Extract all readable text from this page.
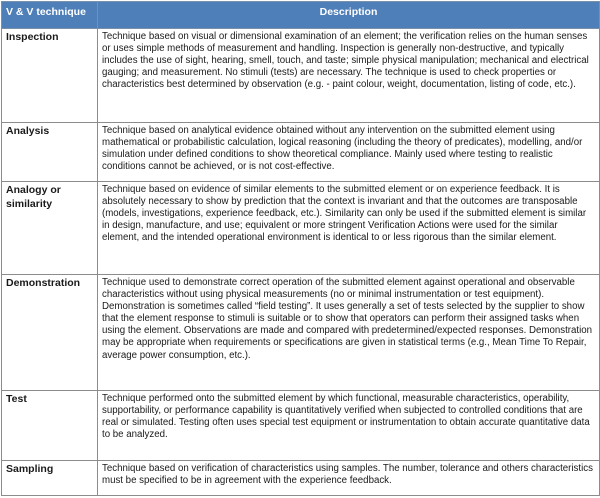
V & V technique	Description
Inspection	Technique based on visual or dimensional examination of an element; the verification relies on the human senses or uses simple methods of measurement and handling. Inspection is generally non-destructive, and typically includes the use of sight, hearing, smell, touch, and taste; simple physical manipulation; mechanical and electrical gauging; and measurement. No stimuli (tests) are necessary. The technique is used to check properties or characteristics best determined by observation (e.g. - paint colour, weight, documentation, listing of code, etc.).
Analysis	Technique based on analytical evidence obtained without any intervention on the submitted element using mathematical or probabilistic calculation, logical reasoning (including the theory of predicates), modelling, and/or simulation under defined conditions to show theoretical compliance. Mainly used where testing to realistic conditions cannot be achieved, or is not cost-effective.
Analogy or similarity	Technique based on evidence of similar elements to the submitted element or on experience feedback. It is absolutely necessary to show by prediction that the context is invariant and that the outcomes are transposable (models, investigations, experience feedback, etc.). Similarity can only be used if the submitted element is similar in design, manufacture, and use; equivalent or more stringent Verification Actions were used for the similar element, and the intended operational environment is identical to or less rigorous than the similar element.
Demonstration	Technique used to demonstrate correct operation of the submitted element against operational and observable characteristics without using physical measurements (no or minimal instrumentation or test equipment). Demonstration is sometimes called “field testing”. It uses generally a set of tests selected by the supplier to show that the element response to stimuli is suitable or to show that operators can perform their assigned tasks when using the element. Observations are made and compared with predetermined/expected responses. Demonstration may be appropriate when requirements or specifications are given in statistical terms (e.g., Mean Time To Repair, average power consumption, etc.).
Test	Technique performed onto the submitted element by which functional, measurable characteristics, operability, supportability, or performance capability is quantitatively verified when subjected to controlled conditions that are real or simulated. Testing often uses special test equipment or instrumentation to obtain accurate quantitative data to be analyzed.
Sampling	Technique based on verification of characteristics using samples. The number, tolerance and others characteristics must be specified to be in agreement with the experience feedback.
